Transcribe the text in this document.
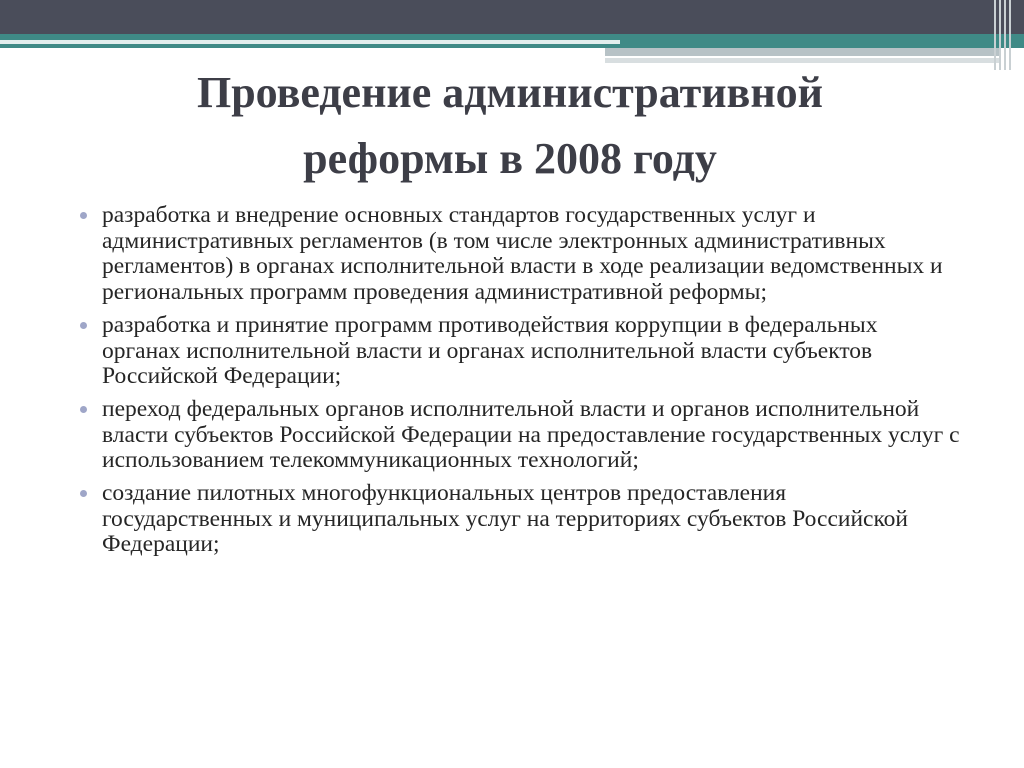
Проведение административной
реформы в 2008 году
разработка и внедрение основных стандартов государственных услуг и административных регламентов (в том числе электронных административных регламентов) в органах исполнительной власти в ходе реализации ведомственных и региональных программ проведения административной реформы;
разработка и принятие программ противодействия коррупции в федеральных органах исполнительной власти и органах исполнительной власти субъектов Российской Федерации;
переход федеральных органов исполнительной власти и органов исполнительной власти субъектов Российской Федерации на предоставление государственных услуг с использованием телекоммуникационных технологий;
создание пилотных многофункциональных центров предоставления государственных и муниципальных услуг на территориях субъектов Российской Федерации;
